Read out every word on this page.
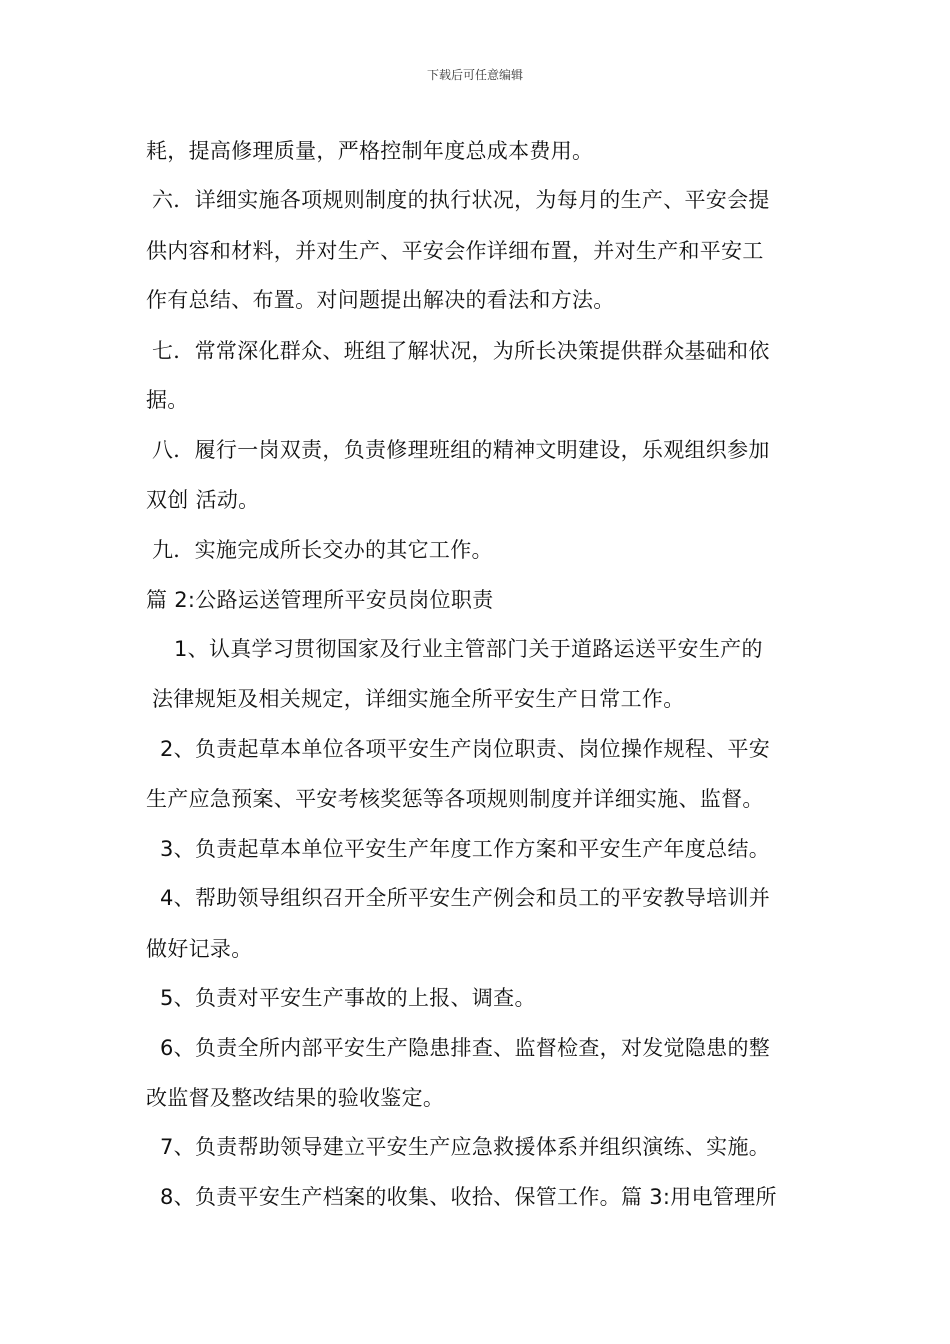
下载后可任意编辑
耗，提高修理质量，严格控制年度总成本费用。
六．详细实施各项规则制度的执行状况，为每月的生产、平安会提
供内容和材料，并对生产、平安会作详细布置，并对生产和平安工
作有总结、布置。对问题提出解决的看法和方法。
七．常常深化群众、班组了解状况，为所长决策提供群众基础和依
据。
八．履行一岗双责，负责修理班组的精神文明建设，乐观组织参加
双创 活动。
九．实施完成所长交办的其它工作。
篇 2:公路运送管理所平安员岗位职责
1、认真学习贯彻国家及行业主管部门关于道路运送平安生产的
法律规矩及相关规定，详细实施全所平安生产日常工作。
2、负责起草本单位各项平安生产岗位职责、岗位操作规程、平安
生产应急预案、平安考核奖惩等各项规则制度并详细实施、监督。
3、负责起草本单位平安生产年度工作方案和平安生产年度总结。
4、帮助领导组织召开全所平安生产例会和员工的平安教导培训并
做好记录。
5、负责对平安生产事故的上报、调查。
6、负责全所内部平安生产隐患排查、监督检查，对发觉隐患的整
改监督及整改结果的验收鉴定。
7、负责帮助领导建立平安生产应急救援体系并组织演练、实施。
8、负责平安生产档案的收集、收拾、保管工作。篇 3:用电管理所
